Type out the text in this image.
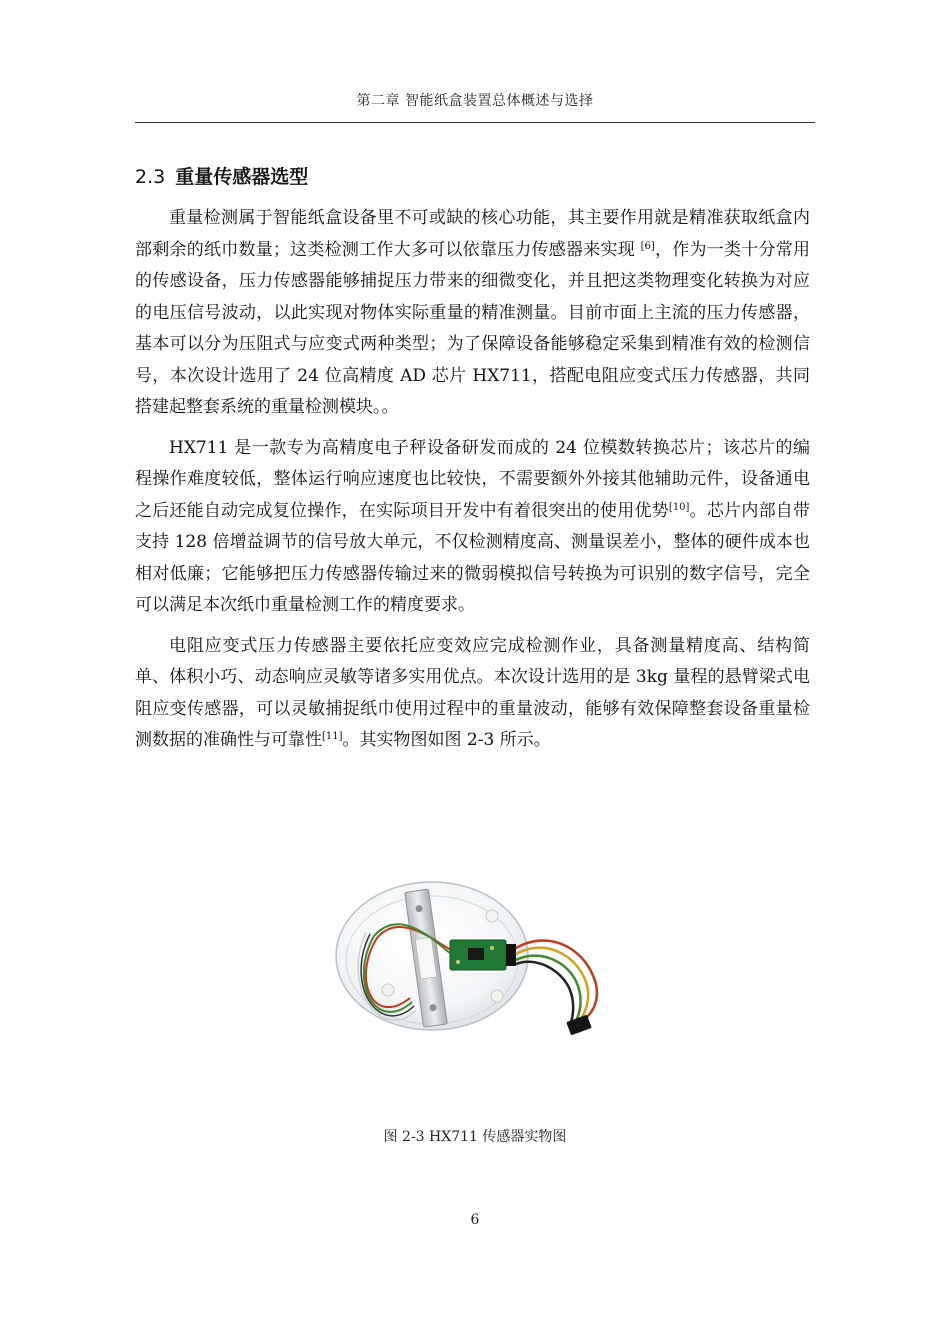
第二章 智能纸盒装置总体概述与选择
2.3 重量传感器选型

重量检测属于智能纸盒设备里不可或缺的核心功能，其主要作用就是精准获取纸盒内部剩余的纸巾数量；这类检测工作大多可以依靠压力传感器来实现 [6]，作为一类十分常用的传感设备，压力传感器能够捕捉压力带来的细微变化，并且把这类物理变化转换为对应的电压信号波动，以此实现对物体实际重量的精准测量。目前市面上主流的压力传感器，基本可以分为压阻式与应变式两种类型；为了保障设备能够稳定采集到精准有效的检测信号，本次设计选用了 24 位高精度 AD 芯片 HX711，搭配电阻应变式压力传感器，共同搭建起整套系统的重量检测模块。。

HX711 是一款专为高精度电子秤设备研发而成的 24 位模数转换芯片；该芯片的编程操作难度较低，整体运行响应速度也比较快，不需要额外外接其他辅助元件，设备通电之后还能自动完成复位操作，在实际项目开发中有着很突出的使用优势[10]。芯片内部自带支持 128 倍增益调节的信号放大单元，不仅检测精度高、测量误差小，整体的硬件成本也相对低廉；它能够把压力传感器传输过来的微弱模拟信号转换为可识别的数字信号，完全可以满足本次纸巾重量检测工作的精度要求。

电阻应变式压力传感器主要依托应变效应完成检测作业，具备测量精度高、结构简单、体积小巧、动态响应灵敏等诸多实用优点。本次设计选用的是 3kg 量程的悬臂梁式电阻应变传感器，可以灵敏捕捉纸巾使用过程中的重量波动，能够有效保障整套设备重量检测数据的准确性与可靠性[11]。其实物图如图 2-3 所示。

图 2-3 HX711 传感器实物图
6
